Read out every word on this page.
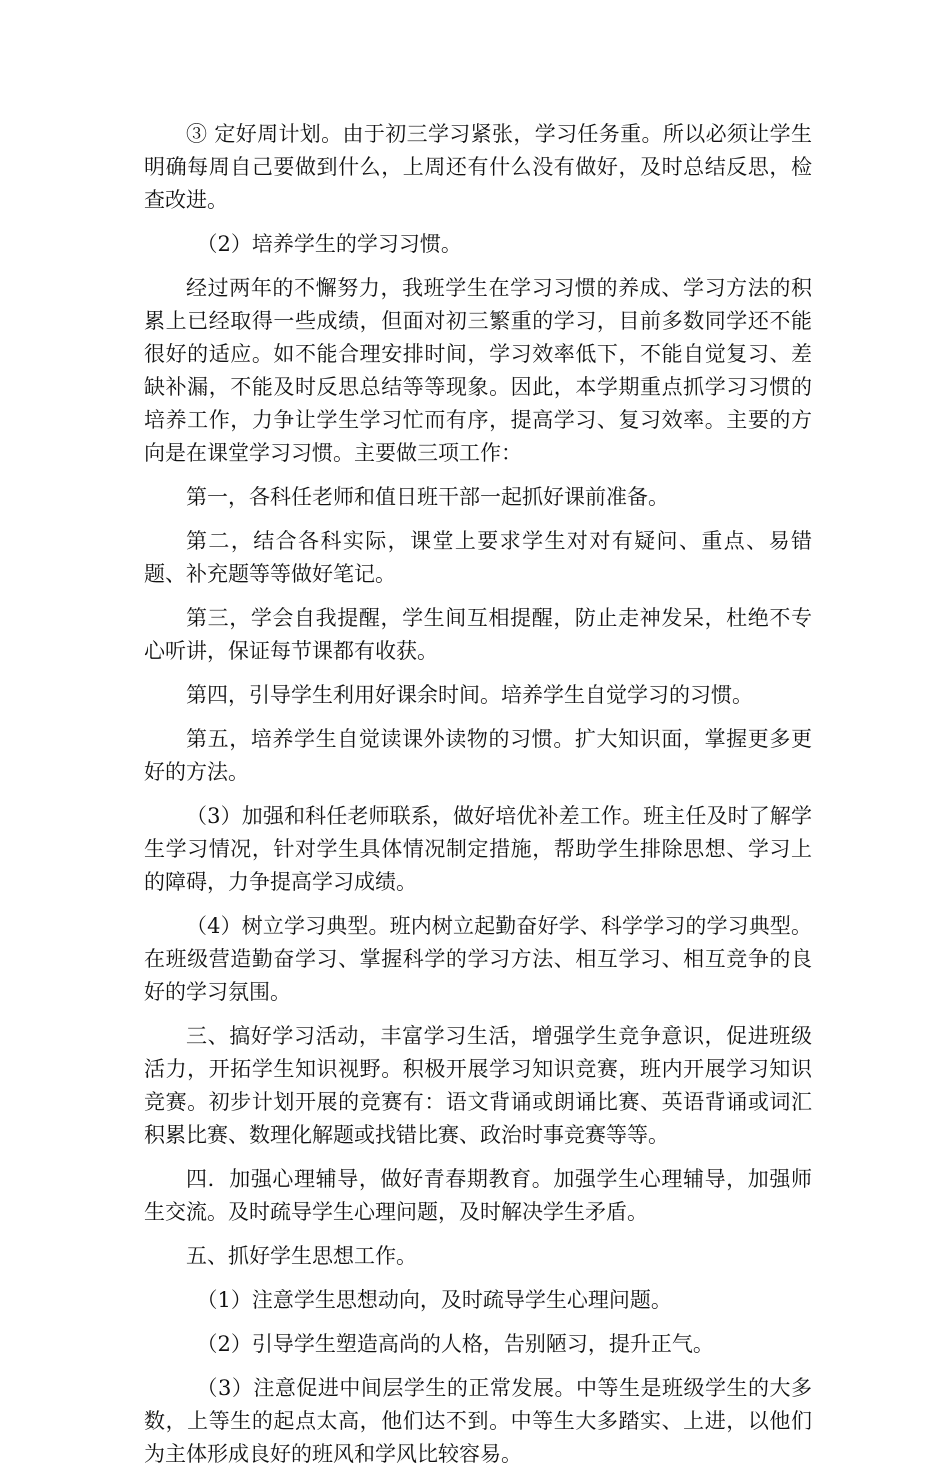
③ 定好周计划。由于初三学习紧张，学习任务重。所以必须让学生明确每周自己要做到什么，上周还有什么没有做好，及时总结反思，检查改进。

（2）培养学生的学习习惯。

经过两年的不懈努力，我班学生在学习习惯的养成、学习方法的积累上已经取得一些成绩，但面对初三繁重的学习，目前多数同学还不能很好的适应。如不能合理安排时间，学习效率低下，不能自觉复习、差缺补漏，不能及时反思总结等等现象。因此，本学期重点抓学习习惯的培养工作，力争让学生学习忙而有序，提高学习、复习效率。主要的方向是在课堂学习习惯。主要做三项工作：

第一，各科任老师和值日班干部一起抓好课前准备。

第二，结合各科实际，课堂上要求学生对对有疑问、重点、易错题、补充题等等做好笔记。

第三，学会自我提醒，学生间互相提醒，防止走神发呆，杜绝不专心听讲，保证每节课都有收获。

第四，引导学生利用好课余时间。培养学生自觉学习的习惯。

第五，培养学生自觉读课外读物的习惯。扩大知识面，掌握更多更好的方法。

（3）加强和科任老师联系，做好培优补差工作。班主任及时了解学生学习情况，针对学生具体情况制定措施，帮助学生排除思想、学习上的障碍，力争提高学习成绩。

（4）树立学习典型。班内树立起勤奋好学、科学学习的学习典型。在班级营造勤奋学习、掌握科学的学习方法、相互学习、相互竞争的良好的学习氛围。

三、搞好学习活动，丰富学习生活，增强学生竞争意识，促进班级活力，开拓学生知识视野。积极开展学习知识竞赛，班内开展学习知识竞赛。初步计划开展的竞赛有：语文背诵或朗诵比赛、英语背诵或词汇积累比赛、数理化解题或找错比赛、政治时事竞赛等等。

四．加强心理辅导，做好青春期教育。加强学生心理辅导，加强师生交流。及时疏导学生心理问题，及时解决学生矛盾。

五、抓好学生思想工作。

（1）注意学生思想动向，及时疏导学生心理问题。

（2）引导学生塑造高尚的人格，告别陋习，提升正气。

（3）注意促进中间层学生的正常发展。中等生是班级学生的大多数，上等生的起点太高，他们达不到。中等生大多踏实、上进，以他们为主体形成良好的班风和学风比较容易。
